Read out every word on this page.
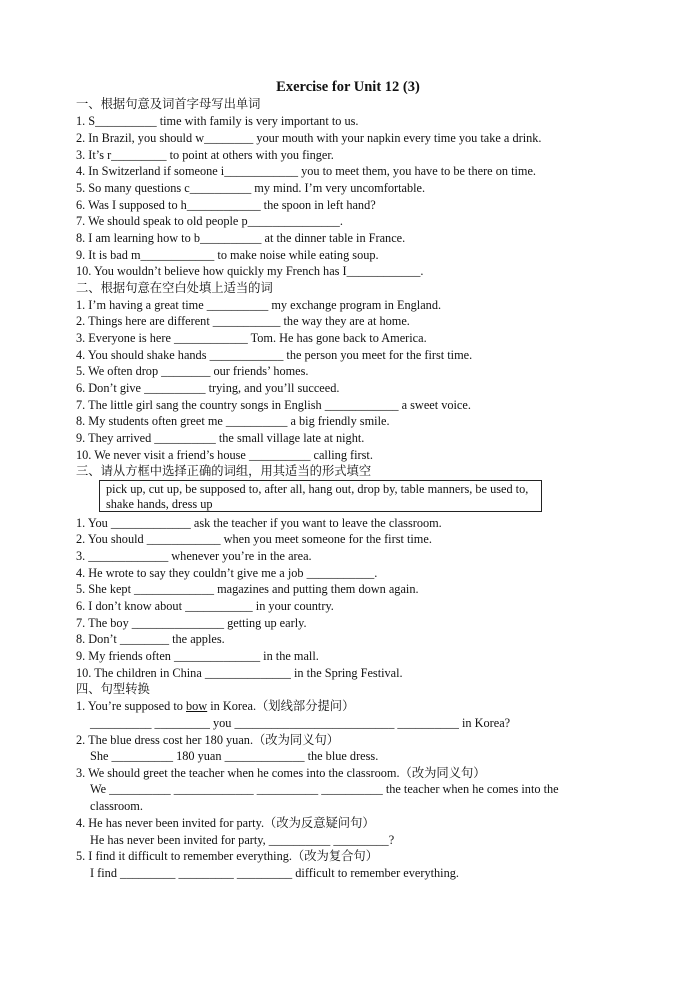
Exercise for Unit 12 (3)
一、根据句意及词首字母写出单词
1. S__________ time with family is very important to us.
2. In Brazil, you should w________ your mouth with your napkin every time you take a drink.
3. It’s r_________ to point at others with you finger.
4. In Switzerland if someone i____________ you to meet them, you have to be there on time.
5. So many questions c__________ my mind. I’m very uncomfortable.
6. Was I supposed to h____________ the spoon in left hand?
7. We should speak to old people p_______________.
8. I am learning how to b__________ at the dinner table in France.
9. It is bad m____________ to make noise while eating soup.
10. You wouldn’t believe how quickly my French has I____________.
二、根据句意在空白处填上适当的词
1. I’m having a great time __________ my exchange program in England.
2. Things here are different ___________ the way they are at home.
3. Everyone is here ____________ Tom. He has gone back to America.
4. You should shake hands ____________ the person you meet for the first time.
5. We often drop ________ our friends’ homes.
6. Don’t give __________ trying, and you’ll succeed.
7. The little girl sang the country songs in English ____________ a sweet voice.
8. My students often greet me __________ a big friendly smile.
9. They arrived __________ the small village late at night.
10. We never visit a friend’s house __________ calling first.
三、请从方框中选择正确的词组，用其适当的形式填空
pick up, cut up, be supposed to, after all, hang out, drop by, table manners, be used to, shake hands, dress up
1. You _____________ ask the teacher if you want to leave the classroom.
2. You should ____________ when you meet someone for the first time.
3. _____________ whenever you’re in the area.
4. He wrote to say they couldn’t give me a job ___________.
5. She kept _____________ magazines and putting them down again.
6. I don’t know about ___________ in your country.
7. The boy _______________ getting up early.
8. Don’t ________ the apples.
9. My friends often ______________ in the mall.
10. The children in China ______________ in the Spring Festival.
四、句型转换
1. You’re supposed to bow in Korea.（划线部分提问）
__________ _________ you __________________________ __________ in Korea?
2. The blue dress cost her 180 yuan.（改为同义句）
She __________ 180 yuan _____________ the blue dress.
3. We should greet the teacher when he comes into the classroom.（改为同义句）
We __________ _____________ __________ __________ the teacher when he comes into the
classroom.
4. He has never been invited for party.（改为反意疑问句）
He has never been invited for party, __________ _________?
5. I find it difficult to remember everything.（改为复合句）
I find _________ _________ _________ difficult to remember everything.
